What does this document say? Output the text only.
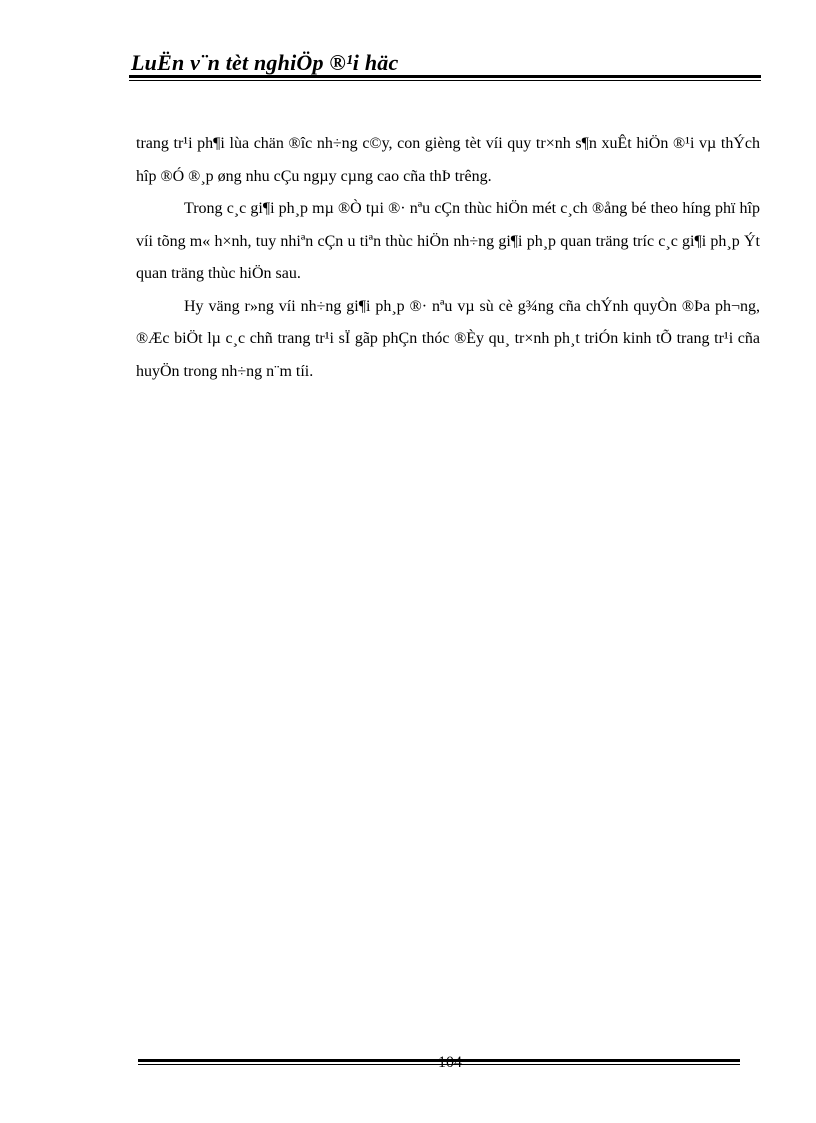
LuËn v¨n tèt nghiÖp ®¹i häc

trang tr¹i ph¶i lùa chän ®îc nh÷ng c©y, con gièng tèt víi quy tr×nh s¶n xuÊt hiÖn ®¹i vµ thÝch hîp ®Ó ®¸p øng nhu cÇu ngµy cµng cao cña thÞ trêng.

Trong c¸c gi¶i ph¸p mµ ®Ò tµi ®· nªu cÇn thùc hiÖn mét c¸ch ®ång bé theo híng phï hîp víi tõng m« h×nh, tuy nhiªn cÇn u tiªn thùc hiÖn nh÷ng gi¶i ph¸p quan träng tríc c¸c gi¶i ph¸p Ýt quan träng thùc hiÖn sau.

Hy väng r»ng víi nh÷ng gi¶i ph¸p ®· nªu vµ sù cè g¾ng cña chÝnh quyÒn ®Þa ph¬ng, ®Æc biÖt lµ c¸c chñ trang tr¹i sÏ gãp phÇn thóc ®Èy qu¸ tr×nh ph¸t triÓn kinh tÕ trang tr¹i cña huyÖn trong nh÷ng n¨m tíi.

104
